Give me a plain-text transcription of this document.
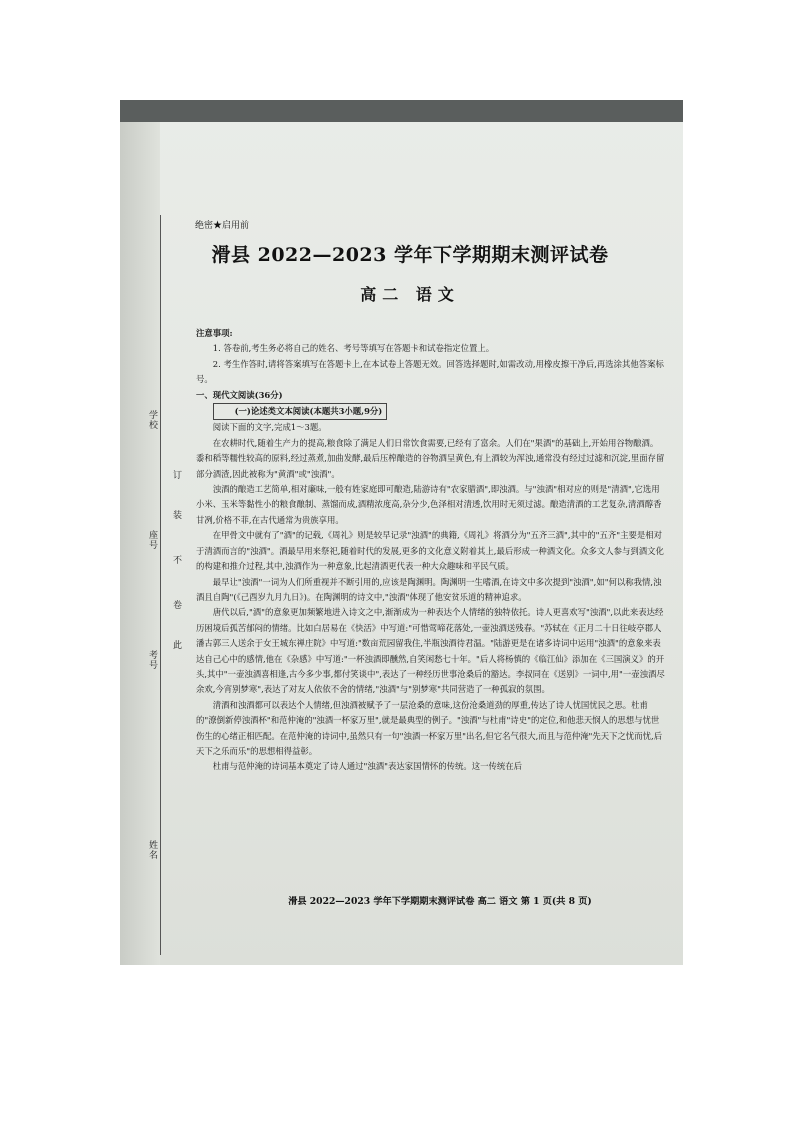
姓名
考号
座号
学校
此
卷
不
装
订
绝密★启用前
滑县 2022—2023 学年下学期期末测评试卷
高二 语文

注意事项:

1. 答卷前,考生务必将自己的姓名、考号等填写在答题卡和试卷指定位置上。

2. 考生作答时,请将答案填写在答题卡上,在本试卷上答题无效。回答选择题时,如需改动,用橡皮擦干净后,再选涂其他答案标号。

一、现代文阅读(36分)

(一)论述类文本阅读(本题共3小题,9分)

阅读下面的文字,完成1～3题。

在农耕时代,随着生产力的提高,粮食除了满足人们日常饮食需要,已经有了富余。人们在"果酒"的基础上,开始用谷物酿酒。黍和稻等糯性较高的原料,经过蒸煮,加曲发酵,最后压榨酿造的谷物酒呈黄色,有上酒较为浑浊,通常没有经过过滤和沉淀,里面存留部分酒渣,因此被称为"黄酒"或"浊酒"。

浊酒的酿造工艺简单,相对廉味,一般有姓家庭即可酿造,陆游诗有"农家腊酒",即浊酒。与"浊酒"相对应的则是"清酒",它选用小米、玉米等黏性小的粮食酿制、蒸馏而成,酒精浓度高,杂分少,色泽相对清透,饮用时无须过滤。酿造清酒的工艺复杂,清酒醇香甘冽,价格不菲,在古代通常为贵族享用。

在甲骨文中就有了"酒"的记载,《周礼》则是较早记录"浊酒"的典籍,《周礼》将酒分为"五齐三酒",其中的"五齐"主要是相对于清酒而言的"浊酒"。酒最早用来祭祀,随着时代的发展,更多的文化意义附着其上,最后形成一种酒文化。众多文人参与到酒文化的构建和推介过程,其中,浊酒作为一种意象,比起清酒更代表一种大众趣味和平民气质。

最早让"浊酒"一词为人们所重视并不断引用的,应该是陶渊明。陶渊明一生嗜酒,在诗文中多次提到"浊酒",如"何以称我情,浊酒且自陶"(《己酉岁九月九日》)。在陶渊明的诗文中,"浊酒"体现了他安贫乐道的精神追求。

唐代以后,"酒"的意象更加频繁地进入诗文之中,渐渐成为一种表达个人情绪的独特依托。诗人更喜欢写"浊酒",以此来表达经历困境后孤苦郁闷的情绪。比如白居易在《快活》中写道:"可惜莺啼花落处,一壶浊酒送残春。"苏轼在《正月二十日往岐亭郡人潘古郭三人送余于女王城东禅庄院》中写道:"数亩荒园留我住,半瓶浊酒待君温。"陆游更是在诸多诗词中运用"浊酒"的意象来表达自己心中的感情,他在《杂感》中写道:"一杯浊酒即醺然,自笑闲愁七十年。"后人将杨慎的《临江仙》添加在《三国演义》的开头,其中"一壶浊酒喜相逢,古今多少事,都付笑谈中",表达了一种经历世事沧桑后的豁达。李叔同在《送别》一词中,用"一壶浊酒尽余欢,今宵别梦寒",表达了对友人依依不舍的情绪,"浊酒"与"别梦寒"共同营造了一种孤寂的氛围。

清酒和浊酒都可以表达个人情绪,但浊酒被赋予了一层沧桑的意味,这份沧桑道劲的厚重,传达了诗人忧国忧民之思。杜甫的"潦倒新停浊酒杯"和范仲淹的"浊酒一杯家万里",就是最典型的例子。"浊酒"与杜甫"诗史"的定位,和他悲天悯人的思想与忧世伤生的心绪正相匹配。在范仲淹的诗词中,虽然只有一句"浊酒一杯家万里"出名,但它名气很大,而且与范仲淹"先天下之忧而忧,后天下之乐而乐"的思想相得益彰。

杜甫与范仲淹的诗词基本奠定了诗人通过"浊酒"表达家国情怀的传统。这一传统在后

滑县 2022—2023 学年下学期期末测评试卷 高二 语文 第 1 页(共 8 页)
